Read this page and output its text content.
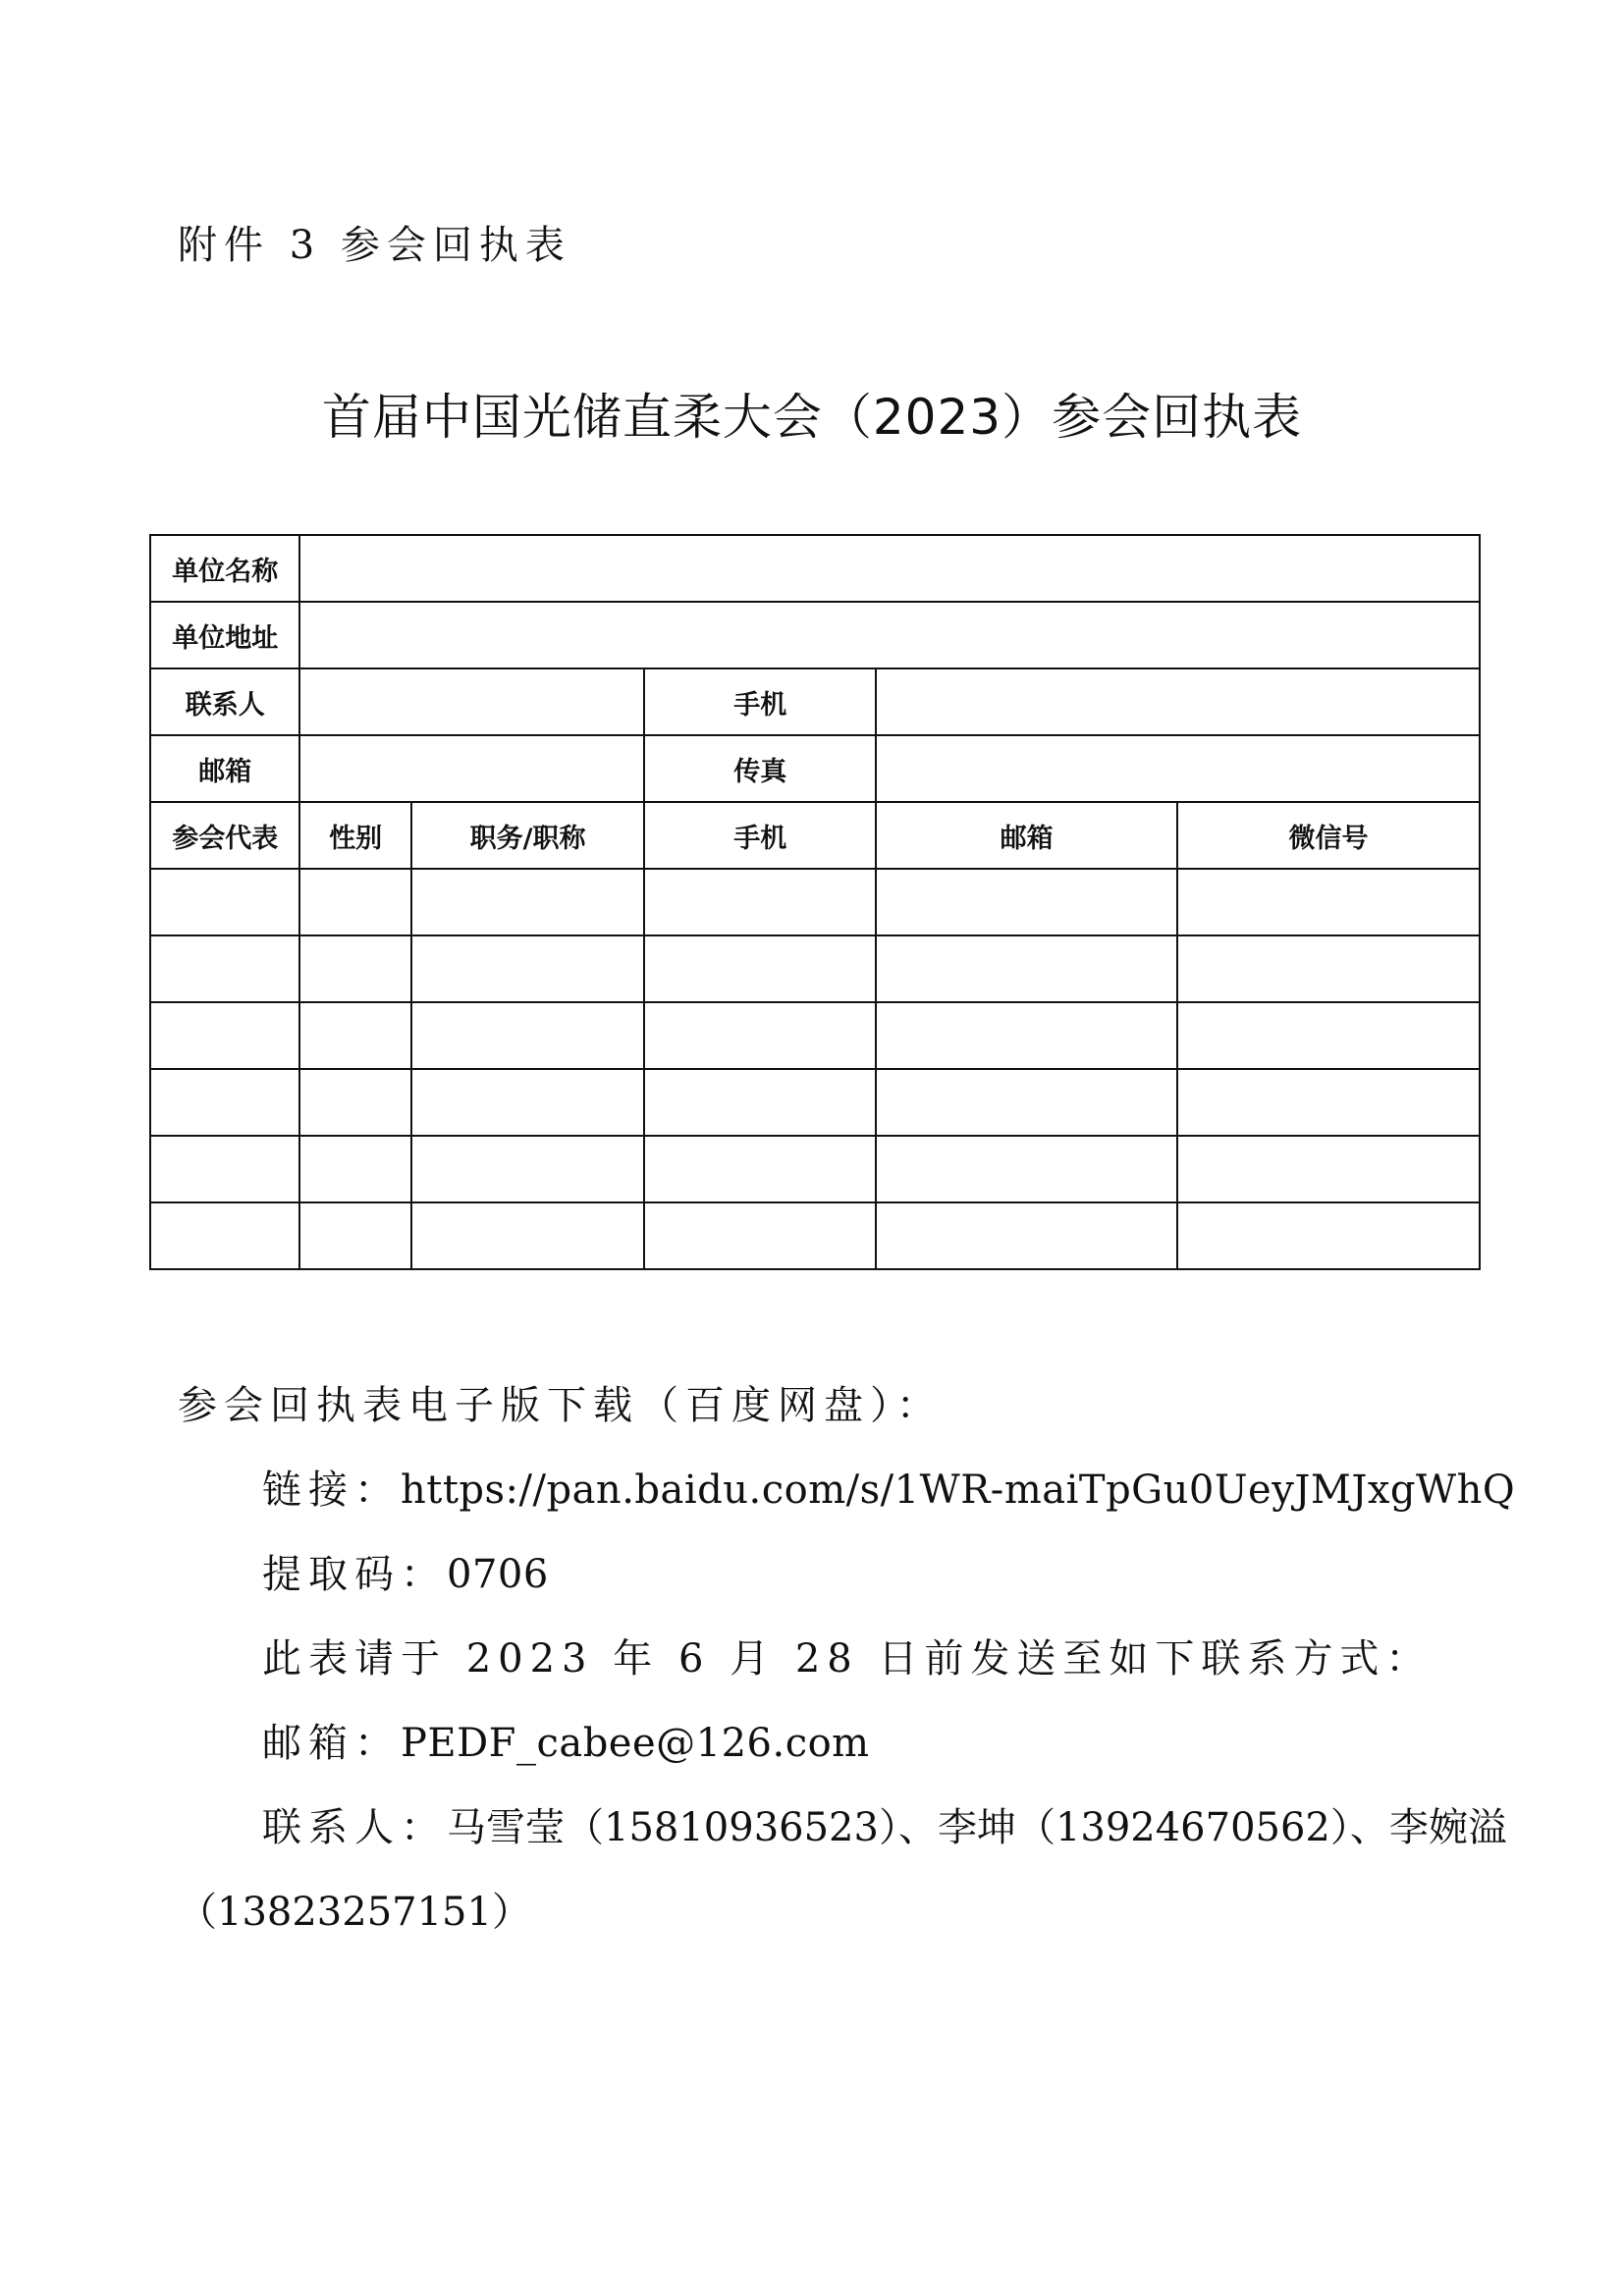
附件 3 参会回执表
首届中国光储直柔大会（2023）参会回执表
单位名称					

单位地址					

联系人			手机		
邮箱			传真		
参会代表	性别	职务/职称	手机	邮箱	微信号

参会回执表电子版下载（百度网盘）：
链接：https://pan.baidu.com/s/1WR-maiTpGu0UeyJMJxgWhQ
提取码：0706
此表请于 2023 年 6 月 28 日前发送至如下联系方式：
邮箱：PEDF_cabee@126.com
联系人：马雪莹（15810936523）、李坤（13924670562）、李婉溢
（13823257151）
